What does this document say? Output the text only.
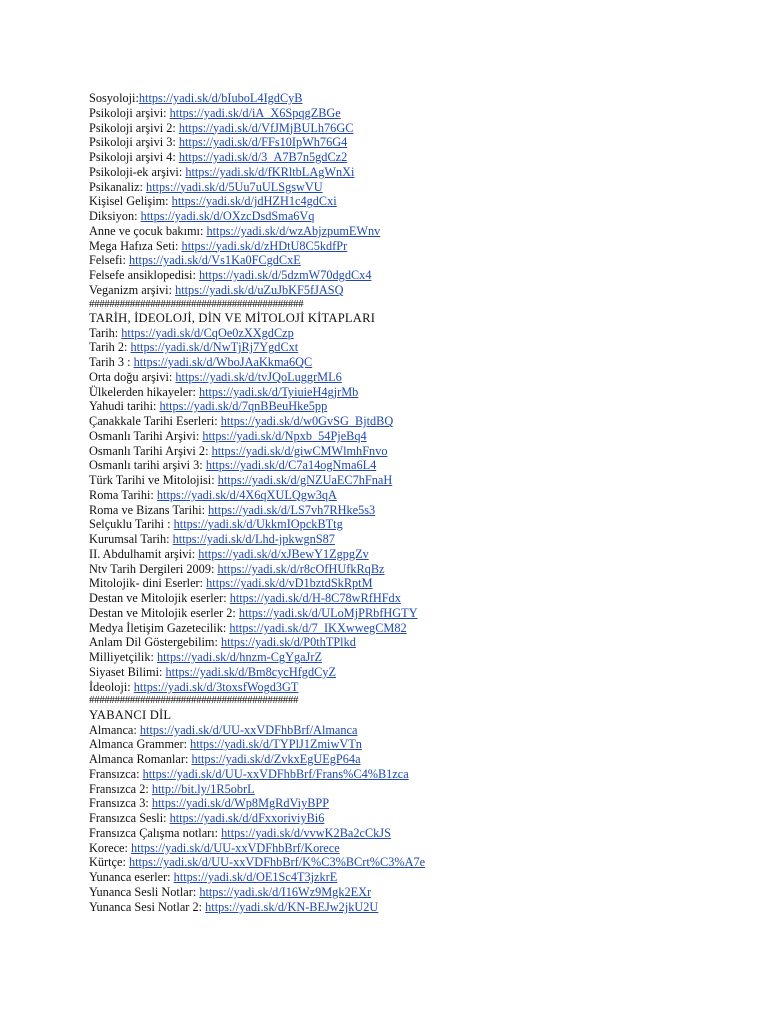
Sosyoloji:https://yadi.sk/d/bIuboL4IgdCyB
Psikoloji arşivi: https://yadi.sk/d/iA_X6SpqgZBGe
Psikoloji arşivi 2: https://yadi.sk/d/VfJMjBULh76GC
Psikoloji arşivi 3: https://yadi.sk/d/FFs10IpWh76G4
Psikoloji arşivi 4: https://yadi.sk/d/3_A7B7n5gdCz2
Psikoloji-ek arşivi: https://yadi.sk/d/fKRltbLAgWnXi
Psikanaliz: https://yadi.sk/d/5Uu7uULSgswVU
Kişisel Gelişim: https://yadi.sk/d/jdHZH1c4gdCxi
Diksiyon: https://yadi.sk/d/OXzcDsdSma6Vq
Anne ve çocuk bakımı: https://yadi.sk/d/wzAbjzpumEWnv
Mega Hafıza Seti: https://yadi.sk/d/zHDtU8C5kdfPr
Felsefi: https://yadi.sk/d/Vs1Ka0FCgdCxE
Felsefe ansiklopedisi: https://yadi.sk/d/5dzmW70dgdCx4
Veganizm arşivi: https://yadi.sk/d/uZuJbKF5fJASQ
##########################################
TARİH, İDEOLOJİ, DİN VE MİTOLOJİ KİTAPLARI
Tarih: https://yadi.sk/d/CqOe0zXXgdCzp
Tarih 2: https://yadi.sk/d/NwTjRj7YgdCxt
Tarih 3 : https://yadi.sk/d/WboJAaKkma6QC
Orta doğu arşivi: https://yadi.sk/d/tvJQoLuggrML6
Ülkelerden hikayeler: https://yadi.sk/d/TyiuieH4gjrMb
Yahudi tarihi: https://yadi.sk/d/7qnBBeuHke5pp
Çanakkale Tarihi Eserleri: https://yadi.sk/d/w0GvSG_BjtdBQ
Osmanlı Tarihi Arşivi: https://yadi.sk/d/Npxb_54PjeBq4
Osmanlı Tarihi Arşivi 2: https://yadi.sk/d/giwCMWlmhFnvo
Osmanlı tarihi arşivi 3: https://yadi.sk/d/C7a14ogNma6L4
Türk Tarihi ve Mitolojisi: https://yadi.sk/d/gNZUaEC7hFnaH
Roma Tarihi: https://yadi.sk/d/4X6qXULQgw3qA
Roma ve Bizans Tarihi: https://yadi.sk/d/LS7vh7RHke5s3
Selçuklu Tarihi : https://yadi.sk/d/UkkmIOpckBTtg
Kurumsal Tarih: https://yadi.sk/d/Lhd-jpkwgnS87
II. Abdulhamit arşivi: https://yadi.sk/d/xJBewY1ZgpgZv
Ntv Tarih Dergileri 2009: https://yadi.sk/d/r8cOfHUfkRqBz
Mitolojik- dini Eserler: https://yadi.sk/d/vD1bztdSkRptM
Destan ve Mitolojik eserler: https://yadi.sk/d/H-8C78wRfHFdx
Destan ve Mitolojik eserler 2: https://yadi.sk/d/ULoMjPRbfHGTY
Medya İletişim Gazetecilik: https://yadi.sk/d/7_IKXwwegCM82
Anlam Dil Göstergebilim: https://yadi.sk/d/P0thTPlkd
Milliyetçilik: https://yadi.sk/d/hnzm-CgYgaJrZ
Siyaset Bilimi: https://yadi.sk/d/Bm8cycHfgdCyZ
İdeoloji: https://yadi.sk/d/3toxsfWogd3GT
#########################################
YABANCI DİL
Almanca: https://yadi.sk/d/UU-xxVDFhbBrf/Almanca
Almanca Grammer: https://yadi.sk/d/TYPlJ1ZmiwVTn
Almanca Romanlar: https://yadi.sk/d/ZvkxEgUEgP64a
Fransızca: https://yadi.sk/d/UU-xxVDFhbBrf/Frans%C4%B1zca
Fransızca 2: http://bit.ly/1R5obrL
Fransızca 3: https://yadi.sk/d/Wp8MgRdViyBPP
Fransızca Sesli: https://yadi.sk/d/dFxxoriviyBi6
Fransızca Çalışma notları: https://yadi.sk/d/vvwK2Ba2cCkJS
Korece: https://yadi.sk/d/UU-xxVDFhbBrf/Korece
Kürtçe: https://yadi.sk/d/UU-xxVDFhbBrf/K%C3%BCrt%C3%A7e
Yunanca eserler: https://yadi.sk/d/OE1Sc4T3jzkrE
Yunanca Sesli Notlar: https://yadi.sk/d/I16Wz9Mgk2EXr
Yunanca Sesi Notlar 2: https://yadi.sk/d/KN-BEJw2jkU2U
